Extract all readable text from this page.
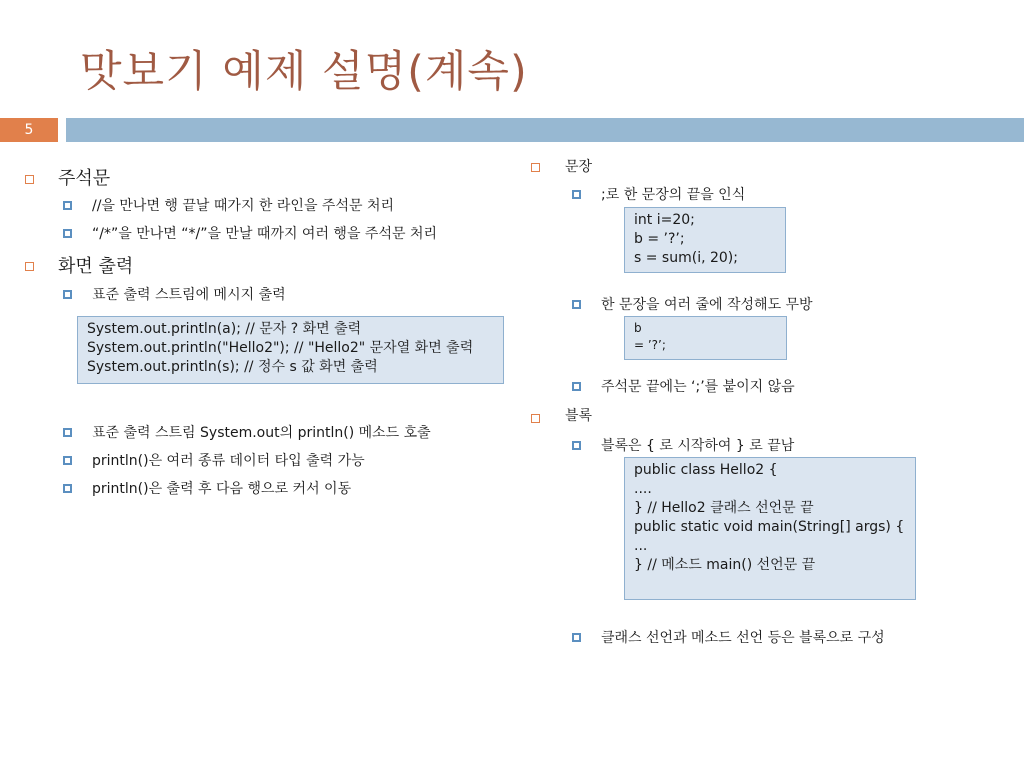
맛보기 예제 설명(계속)
5
주석문
//을 만나면 행 끝날 때가지 한 라인을 주석문 처리
“/*”을 만나면 “*/”을 만날 때까지 여러 행을 주석문 처리
화면 출력
표준 출력 스트림에 메시지 출력
System.out.println(a); // 문자 ? 화면 출력
System.out.println("Hello2"); // "Hello2" 문자열 화면 출력
System.out.println(s); // 정수 s 값 화면 출력
표준 출력 스트림 System.out의 println() 메소드 호출
println()은 여러 종류 데이터 타입 출력 가능
println()은 출력 후 다음 행으로 커서 이동
문장
;로 한 문장의 끝을 인식
int i=20;
b = ’?’;
s = sum(i, 20);
한 문장을 여러 줄에 작성해도 무방
b
= ’?’;
주석문 끝에는 ‘;’를 붙이지 않음
블록
블록은 { 로 시작하여 } 로 끝남
public class Hello2 {
....
} // Hello2 클래스 선언문 끝
public static void main(String[] args) {
...
} // 메소드 main() 선언문 끝
클래스 선언과 메소드 선언 등은 블록으로 구성
